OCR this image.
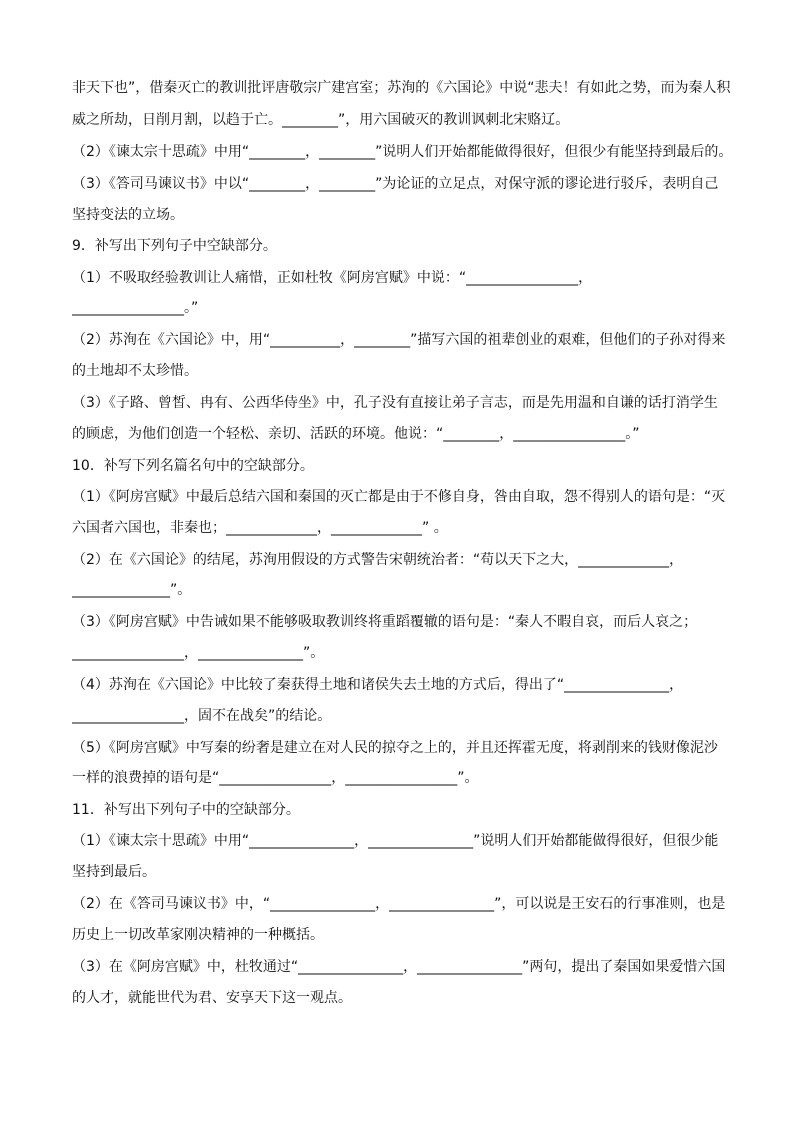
非天下也”，借秦灭亡的教训批评唐敬宗广建宫室；苏洵的《六国论》中说“悲夫！有如此之势，而为秦人积
威之所劫，日削月割，以趋于亡。________”，用六国破灭的教训讽刺北宋赂辽。
（2）《谏太宗十思疏》中用“________，________”说明人们开始都能做得很好，但很少有能坚持到最后的。
（3）《答司马谏议书》中以“________，________”为论证的立足点，对保守派的谬论进行驳斥，表明自己
坚持变法的立场。
9．补写出下列句子中空缺部分。
（1）不吸取经验教训让人痛惜，正如杜牧《阿房宫赋》中说：“________________，
________________。”
（2）苏洵在《六国论》中，用“__________，________”描写六国的祖辈创业的艰难，但他们的子孙对得来
的土地却不太珍惜。
（3）《子路、曾皙、冉有、公西华侍坐》中，孔子没有直接让弟子言志，而是先用温和自谦的话打消学生
的顾虑，为他们创造一个轻松、亲切、活跃的环境。他说：“________，________________。”
10．补写下列名篇名句中的空缺部分。
（1）《阿房宫赋》中最后总结六国和秦国的灭亡都是由于不修自身，咎由自取，怨不得别人的语句是：“灭
六国者六国也，非秦也；_____________，_____________” 。
（2）在《六国论》的结尾，苏洵用假设的方式警告宋朝统治者：“苟以天下之大，_____________，
______________”。
（3）《阿房宫赋》中告诫如果不能够吸取教训终将重蹈覆辙的语句是：“秦人不暇自哀，而后人哀之；
________________，_______________”。
（4）苏洵在《六国论》中比较了秦获得土地和诸侯失去土地的方式后，得出了“_______________，
________________，固不在战矣”的结论。
（5）《阿房宫赋》中写秦的纷奢是建立在对人民的掠夺之上的，并且还挥霍无度，将剥削来的钱财像泥沙
一样的浪费掉的语句是“________________，________________”。
11．补写出下列句子中的空缺部分。
（1）《谏太宗十思疏》中用“_______________，_______________”说明人们开始都能做得很好，但很少能
坚持到最后。
（2）在《答司马谏议书》中，“_______________，_______________”，可以说是王安石的行事准则，也是
历史上一切改革家刚决精神的一种概括。
（3）在《阿房宫赋》中，杜牧通过“_______________，_______________”两句，提出了秦国如果爱惜六国
的人才，就能世代为君、安享天下这一观点。
